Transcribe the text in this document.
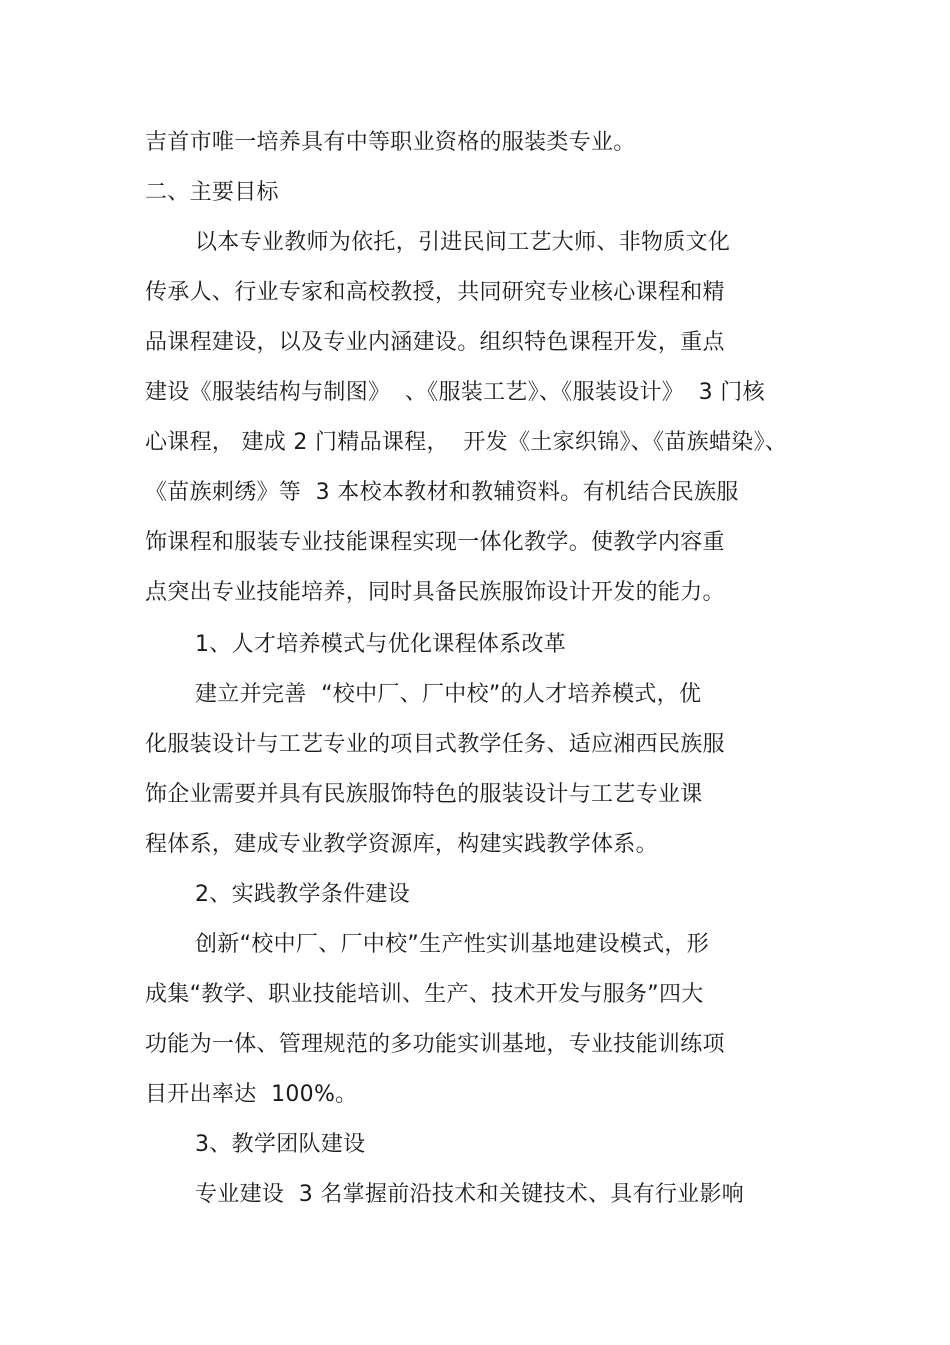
吉首市唯一培养具有中等职业资格的服装类专业。
二、主要目标
以本专业教师为依托，引进民间工艺大师、非物质文化
传承人、行业专家和高校教授，共同研究专业核心课程和精
品课程建设，以及专业内涵建设。组织特色课程开发，重点
建设《服装结构与制图》  、《服装工艺》、《服装设计》  3 门核
心课程， 建成 2 门精品课程，  开发《土家织锦》、《苗族蜡染》、
《苗族刺绣》等  3 本校本教材和教辅资料。有机结合民族服
饰课程和服装专业技能课程实现一体化教学。使教学内容重
点突出专业技能培养，同时具备民族服饰设计开发的能力。
1、人才培养模式与优化课程体系改革
建立并完善  “校中厂、厂中校”的人才培养模式，优
化服装设计与工艺专业的项目式教学任务、适应湘西民族服
饰企业需要并具有民族服饰特色的服装设计与工艺专业课
程体系，建成专业教学资源库，构建实践教学体系。
2、实践教学条件建设
创新“校中厂、厂中校”生产性实训基地建设模式，形
成集“教学、职业技能培训、生产、技术开发与服务”四大
功能为一体、管理规范的多功能实训基地，专业技能训练项
目开出率达  100%。
3、教学团队建设
专业建设  3 名掌握前沿技术和关键技术、具有行业影响
